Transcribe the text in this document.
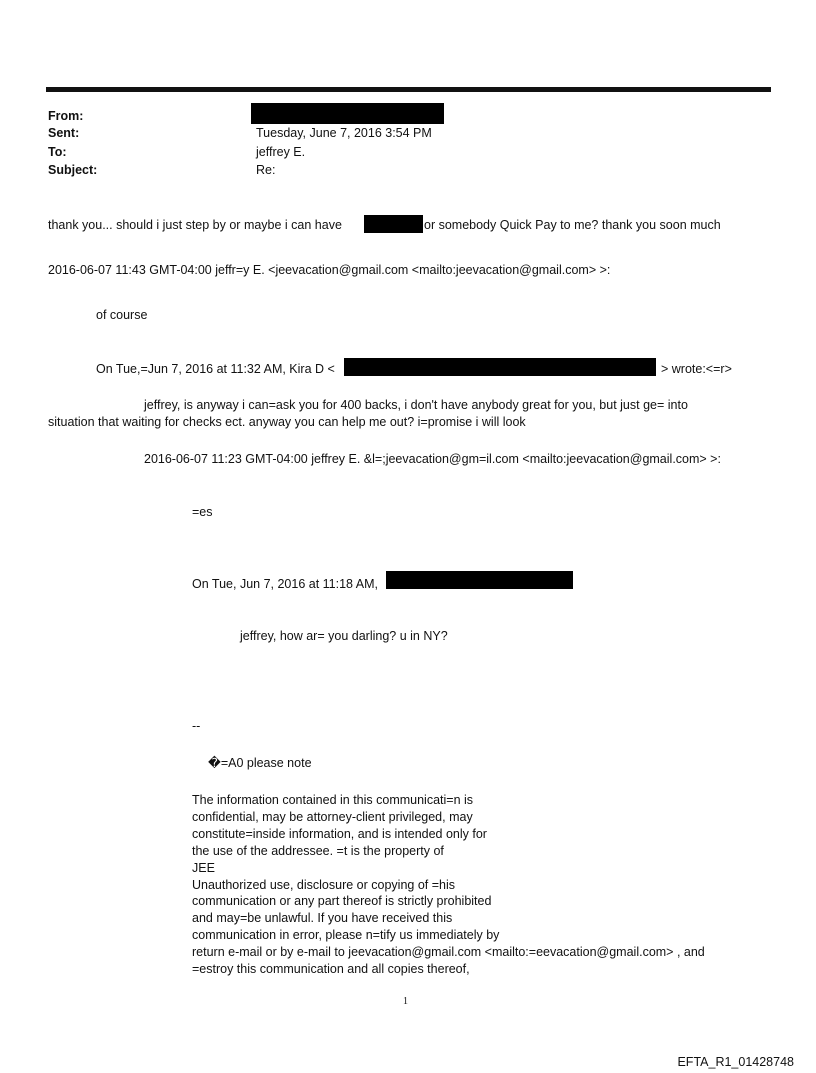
From:
Sent:	Tuesday, June 7, 2016 3:54 PM
To:	jeffrey E.
Subject:	Re:
thank you... should i just step by or maybe i can have	or somebody Quick Pay to me? thank you soon much
2016-06-07 11:43 GMT-04:00 jeffr=y E. <jeevacation@gmail.com <mailto:jeevacation@gmail.com> >:
of course
On Tue,=Jun 7, 2016 at 11:32 AM, Kira D <	> wrote:<=r>
jeffrey, is anyway i can=ask you for 400 backs, i don't have anybody great for you, but just ge= into
situation that waiting for checks ect. anyway you can help me out? i=promise i will look
2016-06-07 11:23 GMT-04:00 jeffrey E. &l=;jeevacation@gm=il.com <mailto:jeevacation@gmail.com> >:
=es
On Tue, Jun 7, 2016 at 11:18 AM,
jeffrey, how ar= you darling? u in NY?
--
�=A0 please note
The information contained in this communicati=n is
confidential, may be attorney-client privileged, may
constitute=inside information, and is intended only for
the use of the addressee. =t is the property of
JEE
Unauthorized use, disclosure or copying of =his
communication or any part thereof is strictly prohibited
and may=be unlawful. If you have received this
communication in error, please n=tify us immediately by
return e-mail or by e-mail to jeevacation@gmail.com <mailto:=eevacation@gmail.com> , and
=estroy this communication and all copies thereof,
1
EFTA_R1_01428748
